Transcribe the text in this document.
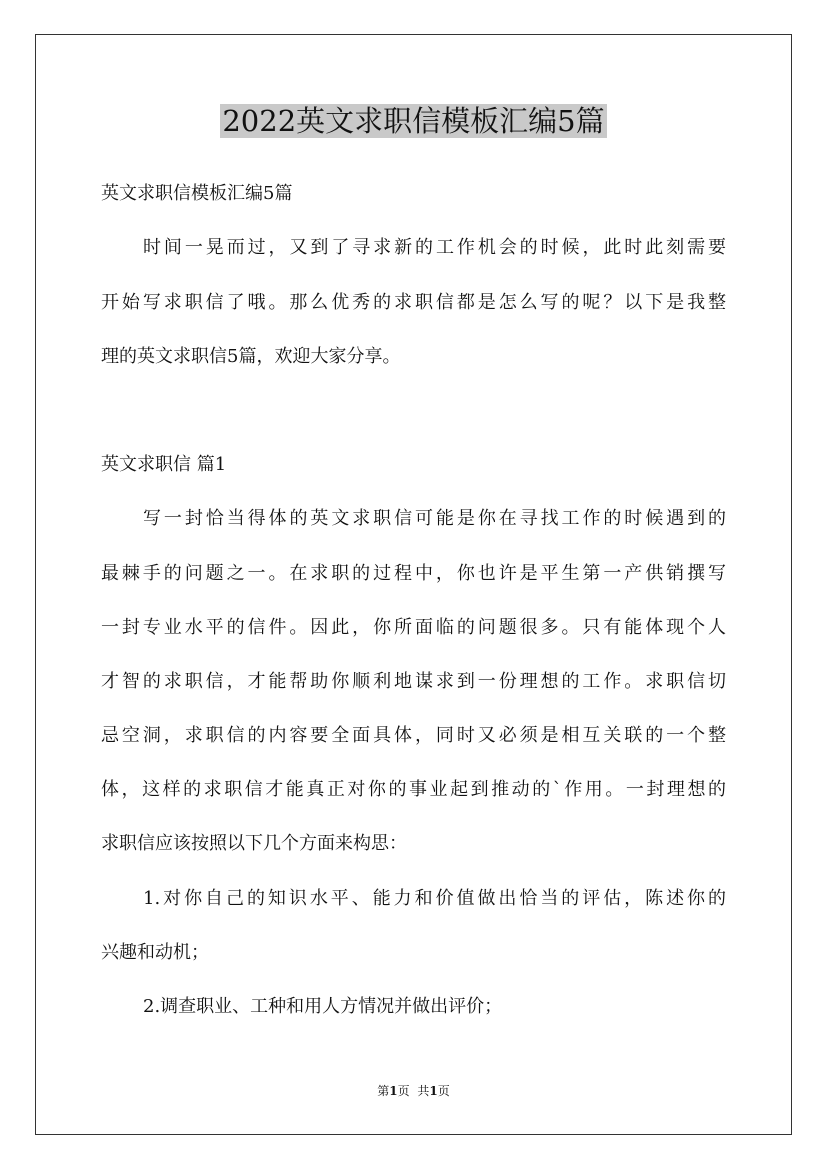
2022英文求职信模板汇编5篇
英文求职信模板汇编5篇
时间一晃而过，又到了寻求新的工作机会的时候，此时此刻需要
开始写求职信了哦。那么优秀的求职信都是怎么写的呢？以下是我整
理的英文求职信5篇，欢迎大家分享。
英文求职信 篇1
写一封恰当得体的英文求职信可能是你在寻找工作的时候遇到的
最棘手的问题之一。在求职的过程中，你也许是平生第一产供销撰写
一封专业水平的信件。因此，你所面临的问题很多。只有能体现个人
才智的求职信，才能帮助你顺利地谋求到一份理想的工作。求职信切
忌空洞，求职信的内容要全面具体，同时又必须是相互关联的一个整
体，这样的求职信才能真正对你的事业起到推动的`作用。一封理想的
求职信应该按照以下几个方面来构思：
1.对你自己的知识水平、能力和价值做出恰当的评估，陈述你的
兴趣和动机；
2.调查职业、工种和用人方情况并做出评价；
第1页 共1页
